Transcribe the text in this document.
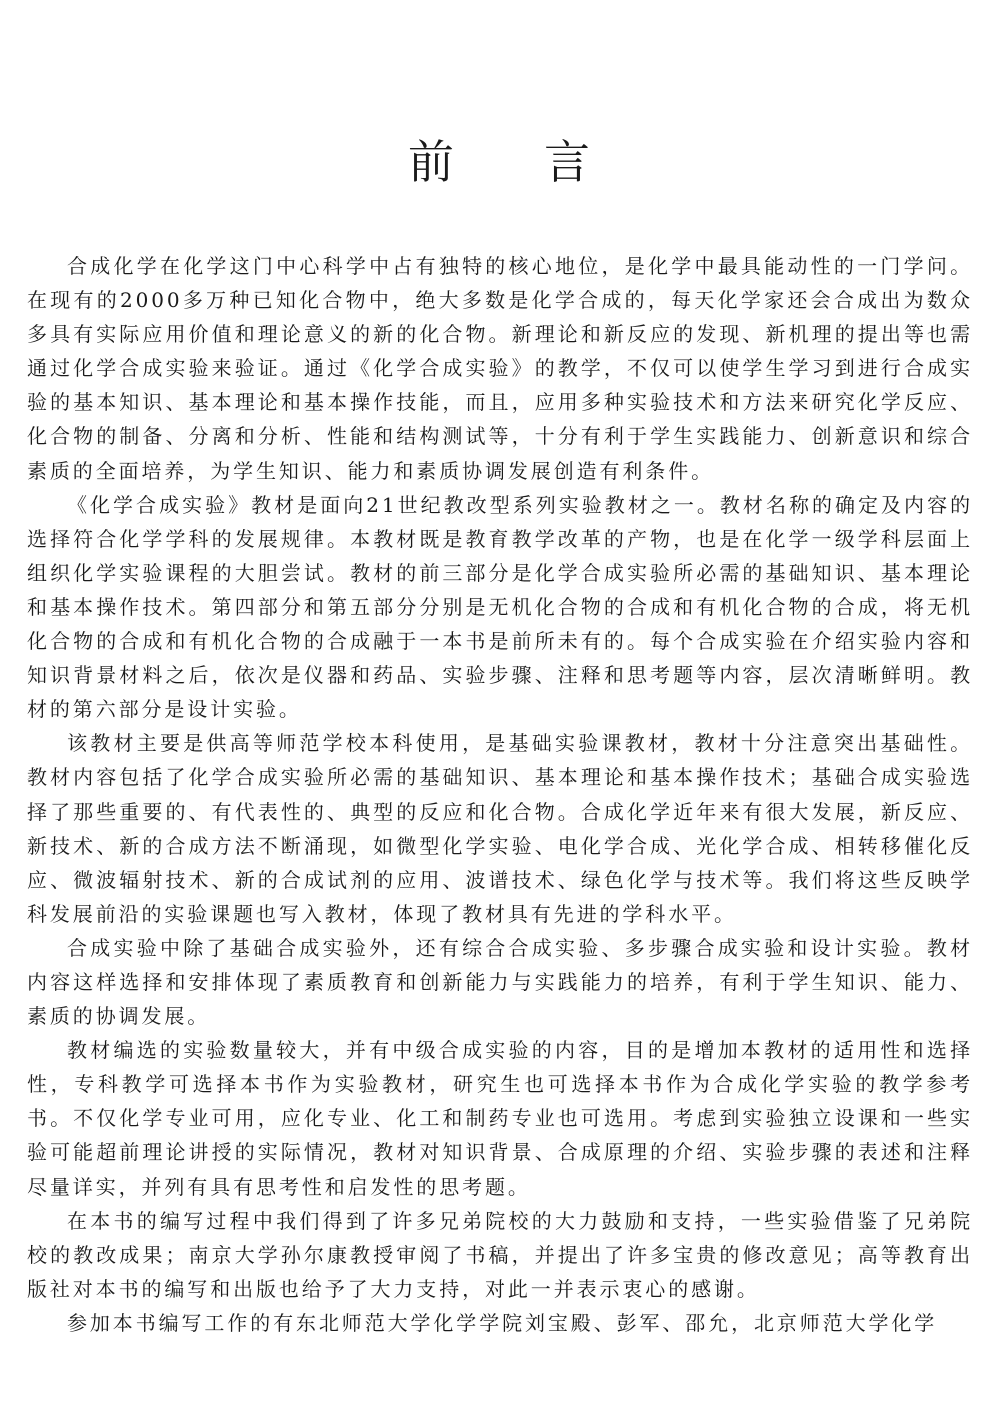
前言

合成化学在化学这门中心科学中占有独特的核心地位，是化学中最具能动性的一门学问。在现有的2000多万种已知化合物中，绝大多数是化学合成的，每天化学家还会合成出为数众多具有实际应用价值和理论意义的新的化合物。新理论和新反应的发现、新机理的提出等也需通过化学合成实验来验证。通过《化学合成实验》的教学，不仅可以使学生学习到进行合成实验的基本知识、基本理论和基本操作技能，而且，应用多种实验技术和方法来研究化学反应、化合物的制备、分离和分析、性能和结构测试等，十分有利于学生实践能力、创新意识和综合素质的全面培养，为学生知识、能力和素质协调发展创造有利条件。

《化学合成实验》教材是面向21世纪教改型系列实验教材之一。教材名称的确定及内容的选择符合化学学科的发展规律。本教材既是教育教学改革的产物，也是在化学一级学科层面上组织化学实验课程的大胆尝试。教材的前三部分是化学合成实验所必需的基础知识、基本理论和基本操作技术。第四部分和第五部分分别是无机化合物的合成和有机化合物的合成，将无机化合物的合成和有机化合物的合成融于一本书是前所未有的。每个合成实验在介绍实验内容和知识背景材料之后，依次是仪器和药品、实验步骤、注释和思考题等内容，层次清晰鲜明。教材的第六部分是设计实验。

该教材主要是供高等师范学校本科使用，是基础实验课教材，教材十分注意突出基础性。教材内容包括了化学合成实验所必需的基础知识、基本理论和基本操作技术；基础合成实验选择了那些重要的、有代表性的、典型的反应和化合物。合成化学近年来有很大发展，新反应、新技术、新的合成方法不断涌现，如微型化学实验、电化学合成、光化学合成、相转移催化反应、微波辐射技术、新的合成试剂的应用、波谱技术、绿色化学与技术等。我们将这些反映学科发展前沿的实验课题也写入教材，体现了教材具有先进的学科水平。

合成实验中除了基础合成实验外，还有综合合成实验、多步骤合成实验和设计实验。教材内容这样选择和安排体现了素质教育和创新能力与实践能力的培养，有利于学生知识、能力、素质的协调发展。

教材编选的实验数量较大，并有中级合成实验的内容，目的是增加本教材的适用性和选择性，专科教学可选择本书作为实验教材，研究生也可选择本书作为合成化学实验的教学参考书。不仅化学专业可用，应化专业、化工和制药专业也可选用。考虑到实验独立设课和一些实验可能超前理论讲授的实际情况，教材对知识背景、合成原理的介绍、实验步骤的表述和注释尽量详实，并列有具有思考性和启发性的思考题。

在本书的编写过程中我们得到了许多兄弟院校的大力鼓励和支持，一些实验借鉴了兄弟院校的教改成果；南京大学孙尔康教授审阅了书稿，并提出了许多宝贵的修改意见；高等教育出版社对本书的编写和出版也给予了大力支持，对此一并表示衷心的感谢。

参加本书编写工作的有东北师范大学化学学院刘宝殿、彭军、邵允，北京师范大学化学
